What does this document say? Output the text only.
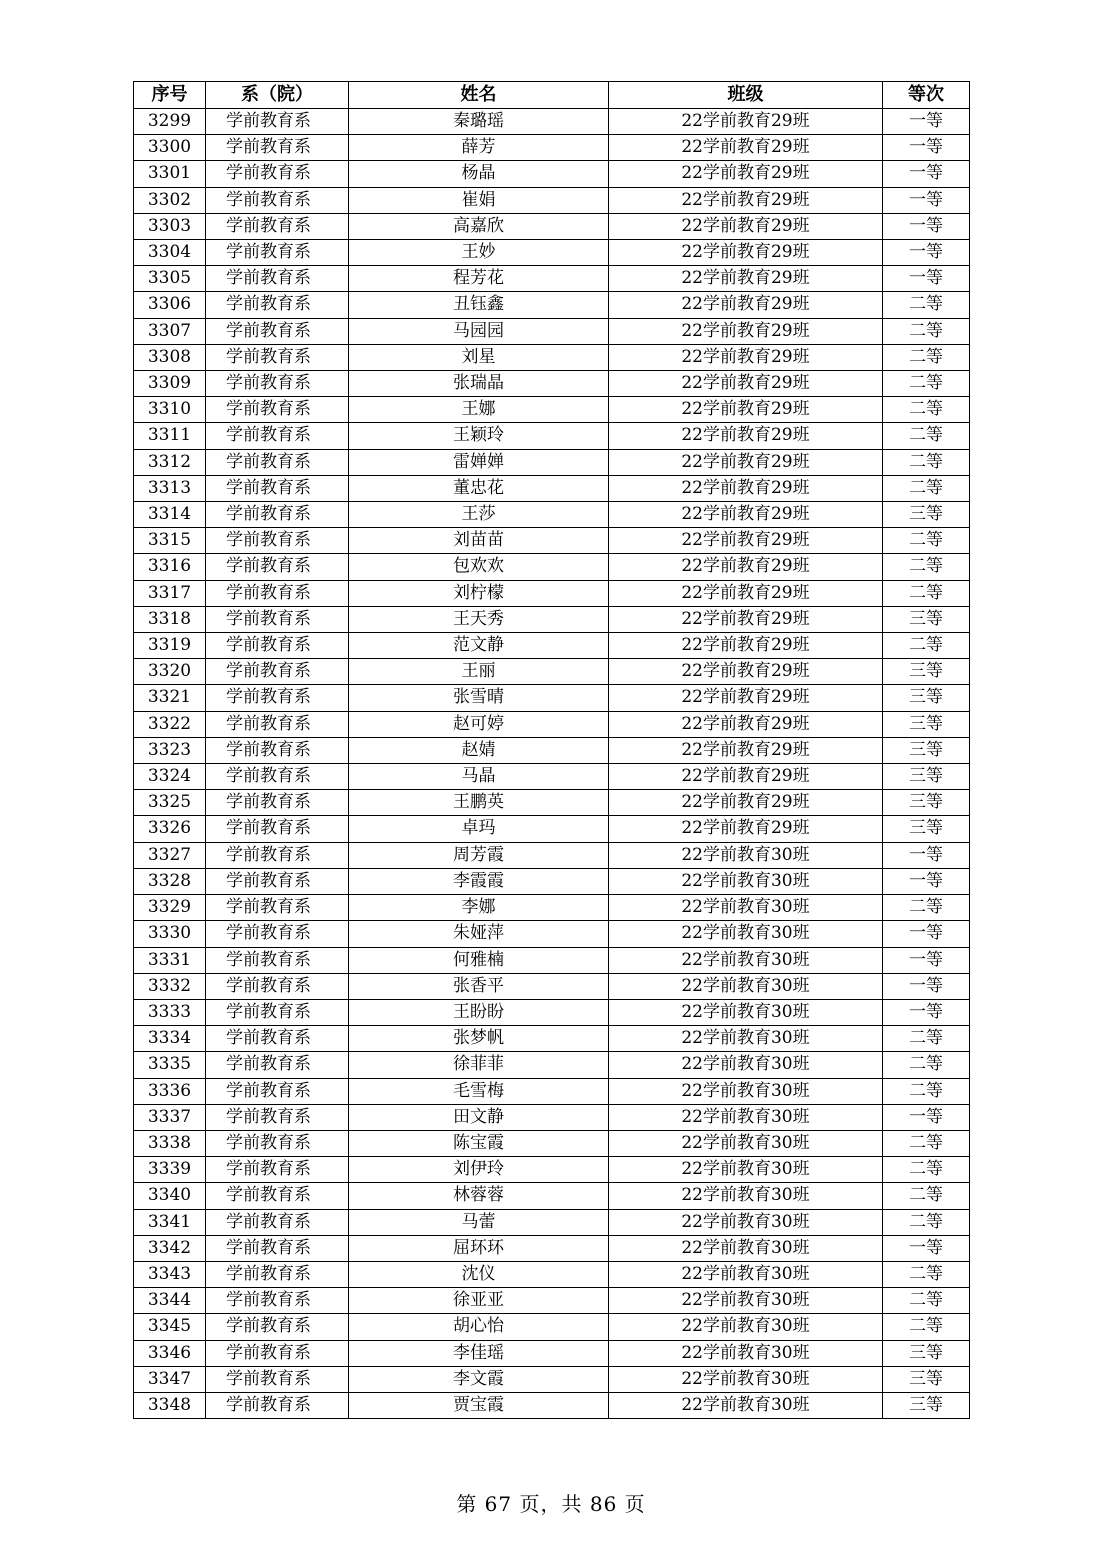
序号	系（院）	姓名	班级	等次
3299	学前教育系	秦璐瑶	22学前教育29班	一等
3300	学前教育系	薛芳	22学前教育29班	一等
3301	学前教育系	杨晶	22学前教育29班	一等
3302	学前教育系	崔娟	22学前教育29班	一等
3303	学前教育系	高嘉欣	22学前教育29班	一等
3304	学前教育系	王妙	22学前教育29班	一等
3305	学前教育系	程芳花	22学前教育29班	一等
3306	学前教育系	丑钰鑫	22学前教育29班	二等
3307	学前教育系	马园园	22学前教育29班	二等
3308	学前教育系	刘星	22学前教育29班	二等
3309	学前教育系	张瑞晶	22学前教育29班	二等
3310	学前教育系	王娜	22学前教育29班	二等
3311	学前教育系	王颖玲	22学前教育29班	二等
3312	学前教育系	雷婵婵	22学前教育29班	二等
3313	学前教育系	董忠花	22学前教育29班	二等
3314	学前教育系	王莎	22学前教育29班	三等
3315	学前教育系	刘苗苗	22学前教育29班	二等
3316	学前教育系	包欢欢	22学前教育29班	二等
3317	学前教育系	刘柠檬	22学前教育29班	二等
3318	学前教育系	王天秀	22学前教育29班	三等
3319	学前教育系	范文静	22学前教育29班	二等
3320	学前教育系	王丽	22学前教育29班	三等
3321	学前教育系	张雪晴	22学前教育29班	三等
3322	学前教育系	赵可婷	22学前教育29班	三等
3323	学前教育系	赵婧	22学前教育29班	三等
3324	学前教育系	马晶	22学前教育29班	三等
3325	学前教育系	王鹏英	22学前教育29班	三等
3326	学前教育系	卓玛	22学前教育29班	三等
3327	学前教育系	周芳霞	22学前教育30班	一等
3328	学前教育系	李霞霞	22学前教育30班	一等
3329	学前教育系	李娜	22学前教育30班	二等
3330	学前教育系	朱娅萍	22学前教育30班	一等
3331	学前教育系	何雅楠	22学前教育30班	一等
3332	学前教育系	张香平	22学前教育30班	一等
3333	学前教育系	王盼盼	22学前教育30班	一等
3334	学前教育系	张梦帆	22学前教育30班	二等
3335	学前教育系	徐菲菲	22学前教育30班	二等
3336	学前教育系	毛雪梅	22学前教育30班	二等
3337	学前教育系	田文静	22学前教育30班	一等
3338	学前教育系	陈宝霞	22学前教育30班	二等
3339	学前教育系	刘伊玲	22学前教育30班	二等
3340	学前教育系	林蓉蓉	22学前教育30班	二等
3341	学前教育系	马蕾	22学前教育30班	二等
3342	学前教育系	屈环环	22学前教育30班	一等
3343	学前教育系	沈仪	22学前教育30班	二等
3344	学前教育系	徐亚亚	22学前教育30班	二等
3345	学前教育系	胡心怡	22学前教育30班	二等
3346	学前教育系	李佳瑶	22学前教育30班	三等
3347	学前教育系	李文霞	22学前教育30班	三等
3348	学前教育系	贾宝霞	22学前教育30班	三等
第 67 页，共 86 页
